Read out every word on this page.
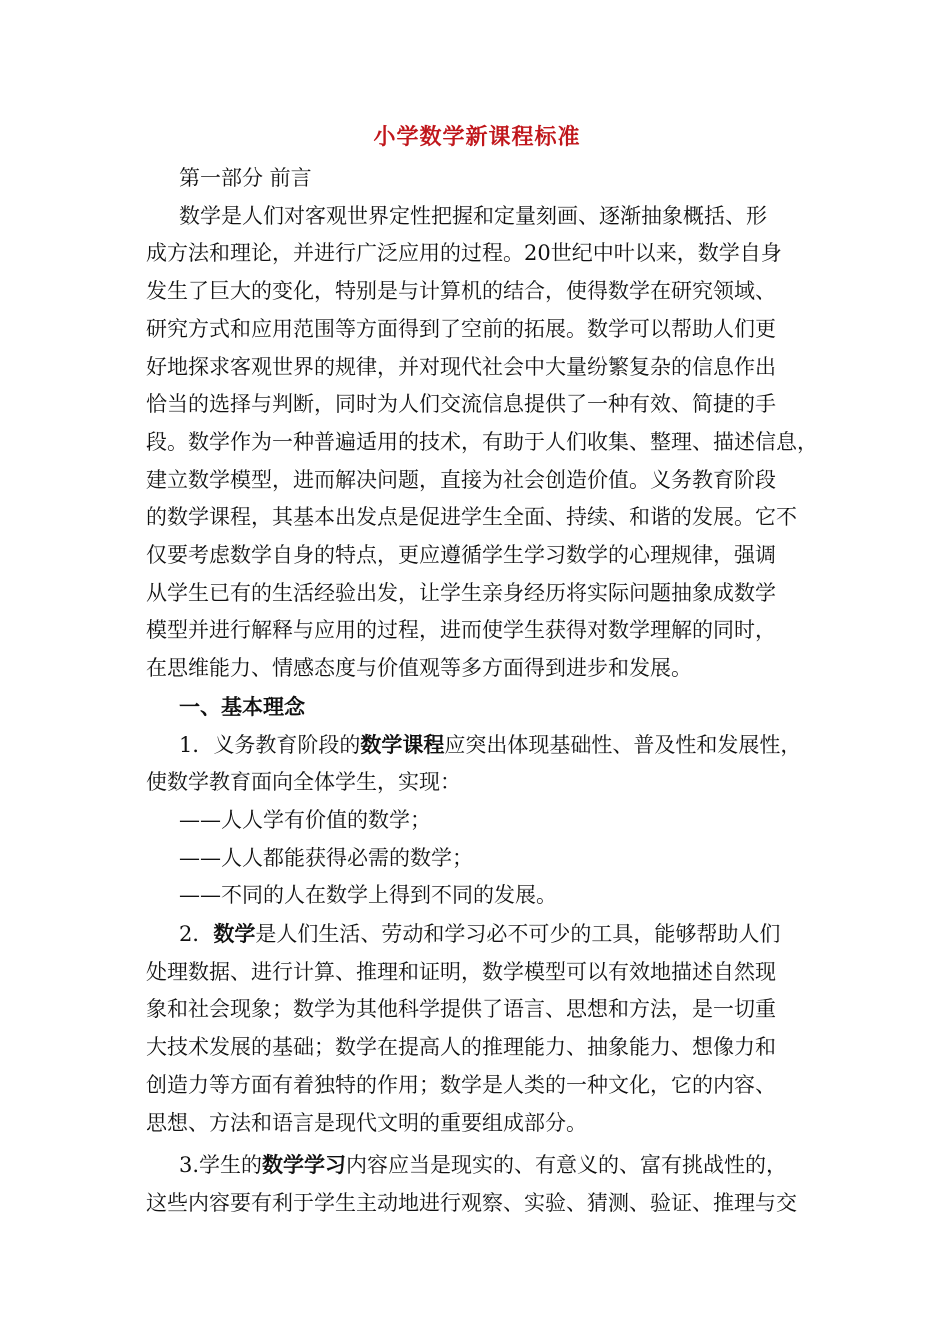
小学数学新课程标准

第一部分 前言

数学是人们对客观世界定性把握和定量刻画、逐渐抽象概括、形

成方法和理论，并进行广泛应用的过程。20世纪中叶以来，数学自身

发生了巨大的变化，特别是与计算机的结合，使得数学在研究领域、

研究方式和应用范围等方面得到了空前的拓展。数学可以帮助人们更

好地探求客观世界的规律，并对现代社会中大量纷繁复杂的信息作出

恰当的选择与判断，同时为人们交流信息提供了一种有效、简捷的手

段。数学作为一种普遍适用的技术，有助于人们收集、整理、描述信息，

建立数学模型，进而解决问题，直接为社会创造价值。义务教育阶段

的数学课程，其基本出发点是促进学生全面、持续、和谐的发展。它不

仅要考虑数学自身的特点，更应遵循学生学习数学的心理规律，强调

从学生已有的生活经验出发，让学生亲身经历将实际问题抽象成数学

模型并进行解释与应用的过程，进而使学生获得对数学理解的同时，

在思维能力、情感态度与价值观等多方面得到进步和发展。

一、基本理念

1．义务教育阶段的数学课程应突出体现基础性、普及性和发展性，

使数学教育面向全体学生，实现：

——人人学有价值的数学；

——人人都能获得必需的数学；

——不同的人在数学上得到不同的发展。

2．数学是人们生活、劳动和学习必不可少的工具，能够帮助人们

处理数据、进行计算、推理和证明，数学模型可以有效地描述自然现

象和社会现象；数学为其他科学提供了语言、思想和方法，是一切重

大技术发展的基础；数学在提高人的推理能力、抽象能力、想像力和

创造力等方面有着独特的作用；数学是人类的一种文化，它的内容、

思想、方法和语言是现代文明的重要组成部分。

3.学生的数学学习内容应当是现实的、有意义的、富有挑战性的，

这些内容要有利于学生主动地进行观察、实验、猜测、验证、推理与交
